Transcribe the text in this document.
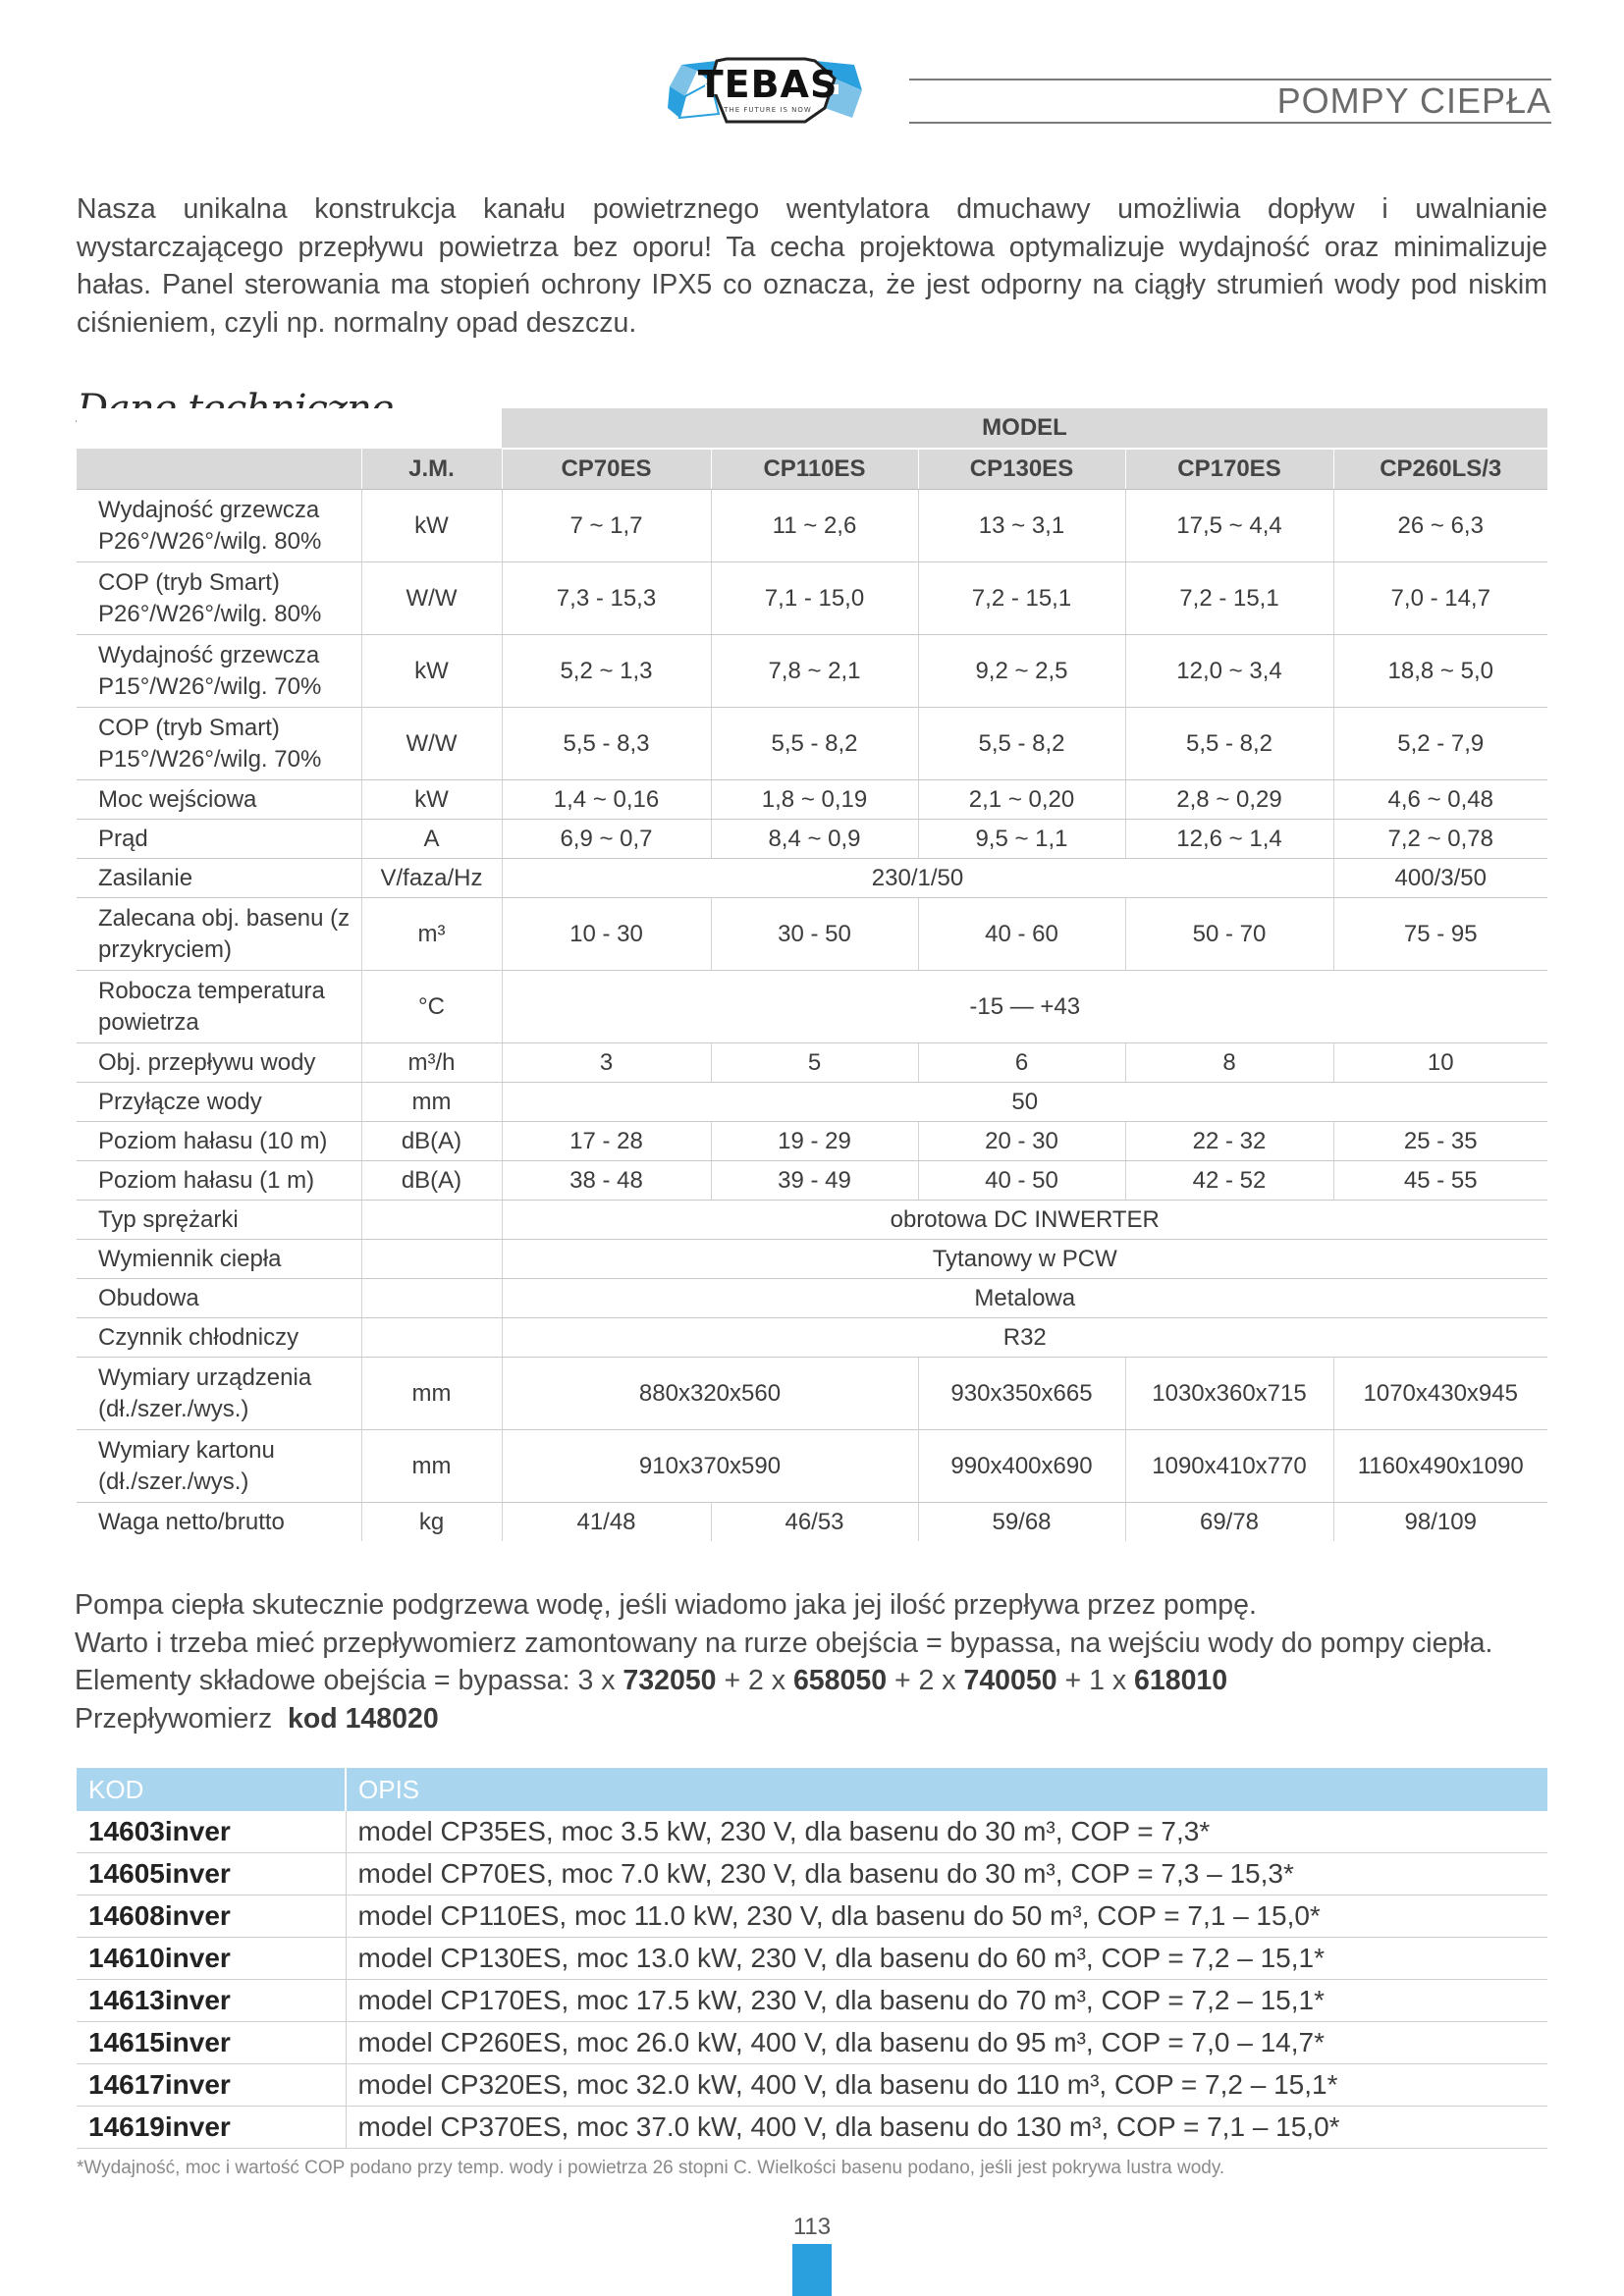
TEBAS
THE FUTURE IS NOW	POMPY CIEPŁA
Nasza unikalna konstrukcja kanału powietrznego wentylatora dmuchawy umożliwia dopływ i uwalnianie wystarczającego przepływu powietrza bez oporu! Ta cecha projektowa optymalizuje wydajność oraz minimalizuje hałas. Panel sterowania ma stopień ochrony IPX5 co oznacza, że jest odporny na ciągły strumień wody pod niskim ciśnieniem, czyli np. normalny opad deszczu.
		MODEL				
	J.M.	CP70ES	CP110ES	CP130ES	CP170ES	CP260LS/3
Wydajność grzewcza P26°/W26°/wilg. 80%	kW	7 ~ 1,7	11 ~ 2,6	13 ~ 3,1	17,5 ~ 4,4	26 ~ 6,3
COP (tryb Smart) P26°/W26°/wilg. 80%	W/W	7,3 - 15,3	7,1 - 15,0	7,2 - 15,1	7,2 - 15,1	7,0 - 14,7
Wydajność grzewcza P15°/W26°/wilg. 70%	kW	5,2 ~ 1,3	7,8 ~ 2,1	9,2 ~ 2,5	12,0 ~ 3,4	18,8 ~ 5,0
COP (tryb Smart) P15°/W26°/wilg. 70%	W/W	5,5 - 8,3	5,5 - 8,2	5,5 - 8,2	5,5 - 8,2	5,2 - 7,9
Moc wejściowa	kW	1,4 ~ 0,16	1,8 ~ 0,19	2,1 ~ 0,20	2,8 ~ 0,29	4,6 ~ 0,48
Prąd	A	6,9 ~ 0,7	8,4 ~ 0,9	9,5 ~ 1,1	12,6 ~ 1,4	7,2 ~ 0,78
Zasilanie	V/faza/Hz	230/1/50				400/3/50
Zalecana obj. basenu (z przykryciem)	m³	10 - 30	30 - 50	40 - 60	50 - 70	75 - 95
Robocza temperatura powietrza	°C	-15 — +43				
Obj. przepływu wody	m³/h	3	5	6	8	10
Przyłącze wody	mm	50				
Poziom hałasu (10 m)	dB(A)	17 - 28	19 - 29	20 - 30	22 - 32	25 - 35
Poziom hałasu (1 m)	dB(A)	38 - 48	39 - 49	40 - 50	42 - 52	45 - 55
Typ sprężarki		obrotowa DC INWERTER				
Wymiennik ciepła		Tytanowy w PCW				
Obudowa		Metalowa				
Czynnik chłodniczy		R32				
Wymiary urządzenia (dł./szer./wys.)	mm	880x320x560		930x350x665	1030x360x715	1070x430x945
Wymiary kartonu (dł./szer./wys.)	mm	910x370x590		990x400x690	1090x410x770	1160x490x1090
Waga netto/brutto	kg	41/48	46/53	59/68	69/78	98/109
Pompa ciepła skutecznie podgrzewa wodę, jeśli wiadomo jaka jej ilość przepływa przez pompę.
Warto i trzeba mieć przepływomierz zamontowany na rurze obejścia = bypassa, na wejściu wody do pompy ciepła. Elementy składowe obejścia = bypassa: 3 x 732050 + 2 x 658050 + 2 x 740050 + 1 x 618010
Przepływomierz kod 148020
KOD	OPIS
14603inver	model CP35ES, moc 3.5 kW, 230 V, dla basenu do 30 m³, COP = 7,3*
14605inver	model CP70ES, moc 7.0 kW, 230 V, dla basenu do 30 m³, COP = 7,3 – 15,3*
14608inver	model CP110ES, moc 11.0 kW, 230 V, dla basenu do 50 m³, COP = 7,1 – 15,0*
14610inver	model CP130ES, moc 13.0 kW, 230 V, dla basenu do 60 m³, COP = 7,2 – 15,1*
14613inver	model CP170ES, moc 17.5 kW, 230 V, dla basenu do 70 m³, COP = 7,2 – 15,1*
14615inver	model CP260ES, moc 26.0 kW, 400 V, dla basenu do 95 m³, COP = 7,0 – 14,7*
14617inver	model CP320ES, moc 32.0 kW, 400 V, dla basenu do 110 m³, COP = 7,2 – 15,1*
14619inver	model CP370ES, moc 37.0 kW, 400 V, dla basenu do 130 m³, COP = 7,1 – 15,0*
*Wydajność, moc i wartość COP podano przy temp. wody i powietrza 26 stopni C. Wielkości basenu podano, jeśli jest pokrywa lustra wody.
113
